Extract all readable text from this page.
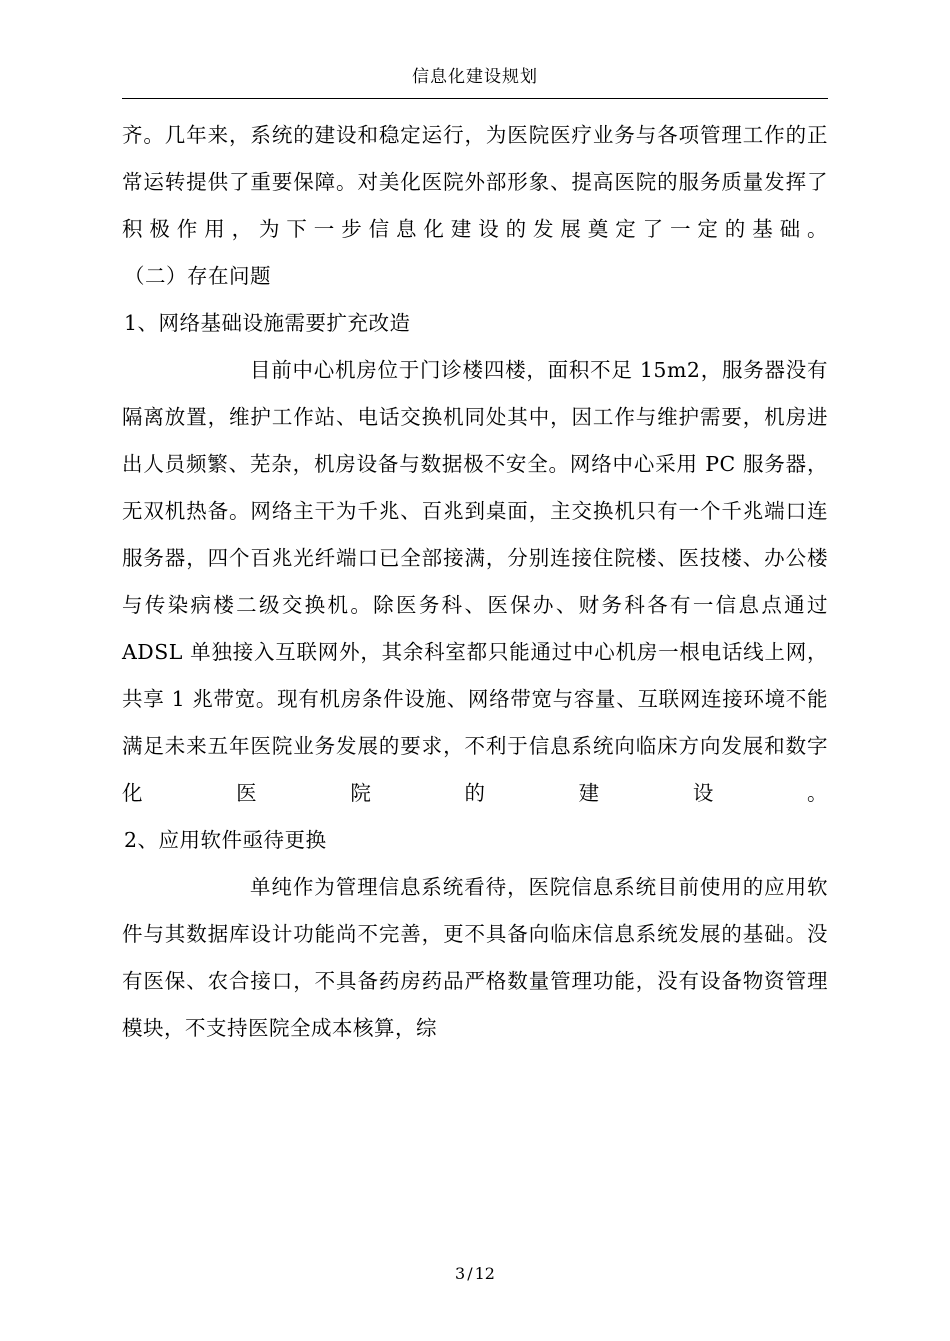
信息化建设规划

齐。几年来，系统的建设和稳定运行，为医院医疗业务与各项管理工作的正常运转提供了重要保障。对美化医院外部形象、提高医院的服务质量发挥了积极作用，为下一步信息化建设的发展奠定了一定的基础。

（二）存在问题

1、网络基础设施需要扩充改造

目前中心机房位于门诊楼四楼，面积不足 15m2，服务器没有隔离放置，维护工作站、电话交换机同处其中，因工作与维护需要，机房进出人员频繁、芜杂，机房设备与数据极不安全。网络中心采用 PC 服务器，无双机热备。网络主干为千兆、百兆到桌面，主交换机只有一个千兆端口连服务器，四个百兆光纤端口已全部接满，分别连接住院楼、医技楼、办公楼与传染病楼二级交换机。除医务科、医保办、财务科各有一信息点通过 ADSL 单独接入互联网外，其余科室都只能通过中心机房一根电话线上网，共享 1 兆带宽。现有机房条件设施、网络带宽与容量、互联网连接环境不能满足未来五年医院业务发展的要求，不利于信息系统向临床方向发展和数字化医院的建设。

2、应用软件亟待更换

单纯作为管理信息系统看待，医院信息系统目前使用的应用软件与其数据库设计功能尚不完善，更不具备向临床信息系统发展的基础。没有医保、农合接口，不具备药房药品严格数量管理功能，没有设备物资管理模块，不支持医院全成本核算，综

3 / 12
